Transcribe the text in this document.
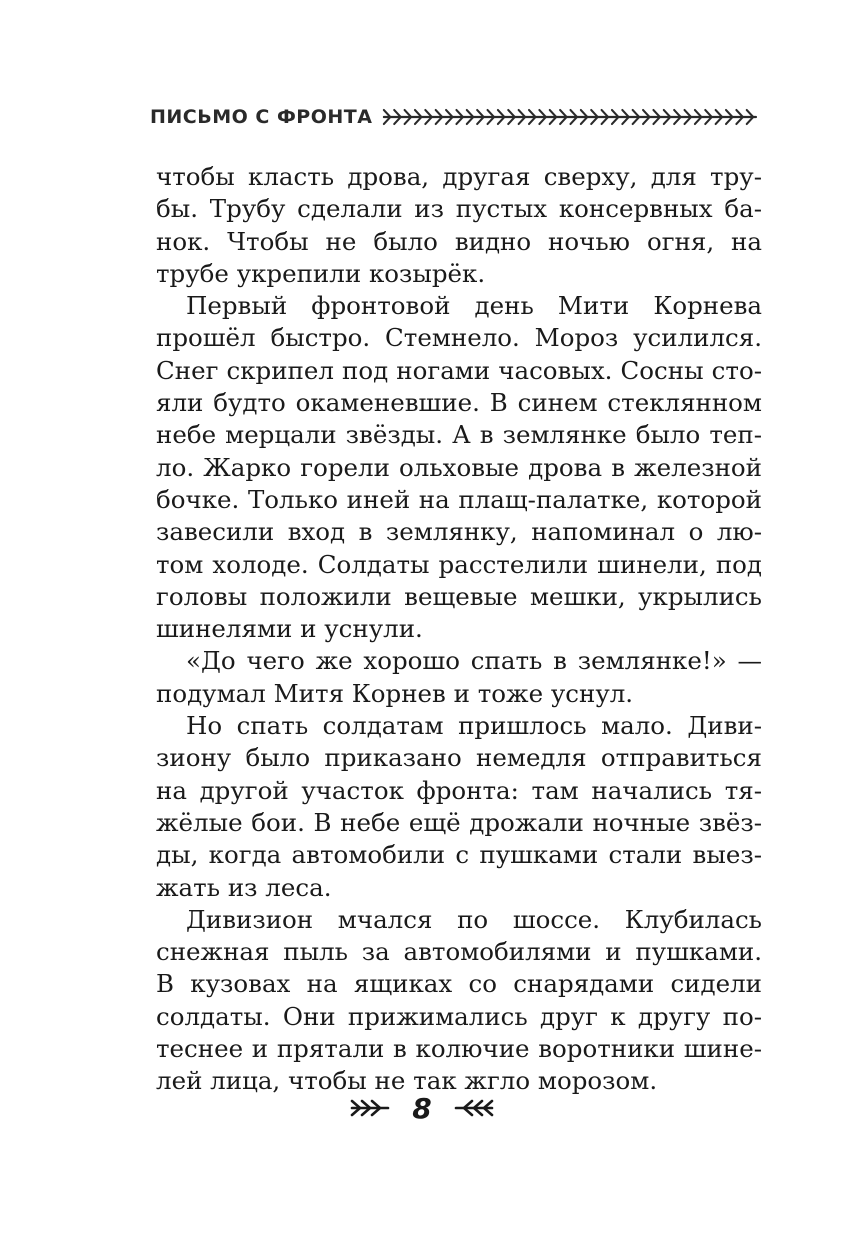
ПИСЬМО С ФРОНТА
чтобы класть дрова, другая сверху, для тру-
бы. Трубу сделали из пустых консервных ба-
нок. Чтобы не было видно ночью огня, на
трубе укрепили козырёк.
Первый фронтовой день Мити Корнева
прошёл быстро. Стемнело. Мороз усилился.
Снег скрипел под ногами часовых. Сосны сто-
яли будто окаменевшие. В синем стеклянном
небе мерцали звёзды. А в землянке было теп-
ло. Жарко горели ольховые дрова в железной
бочке. Только иней на плащ-палатке, которой
завесили вход в землянку, напоминал о лю-
том холоде. Солдаты расстелили шинели, под
головы положили вещевые мешки, укрылись
шинелями и уснули.
«До чего же хорошо спать в землянке!» —
подумал Митя Корнев и тоже уснул.
Но спать солдатам пришлось мало. Диви-
зиону было приказано немедля отправиться
на другой участок фронта: там начались тя-
жёлые бои. В небе ещё дрожали ночные звёз-
ды, когда автомобили с пушками стали выез-
жать из леса.
Дивизион мчался по шоссе. Клубилась
снежная пыль за автомобилями и пушками.
В кузовах на ящиках со снарядами сидели
солдаты. Они прижимались друг к другу по-
теснее и прятали в колючие воротники шине-
лей лица, чтобы не так жгло морозом.
8
